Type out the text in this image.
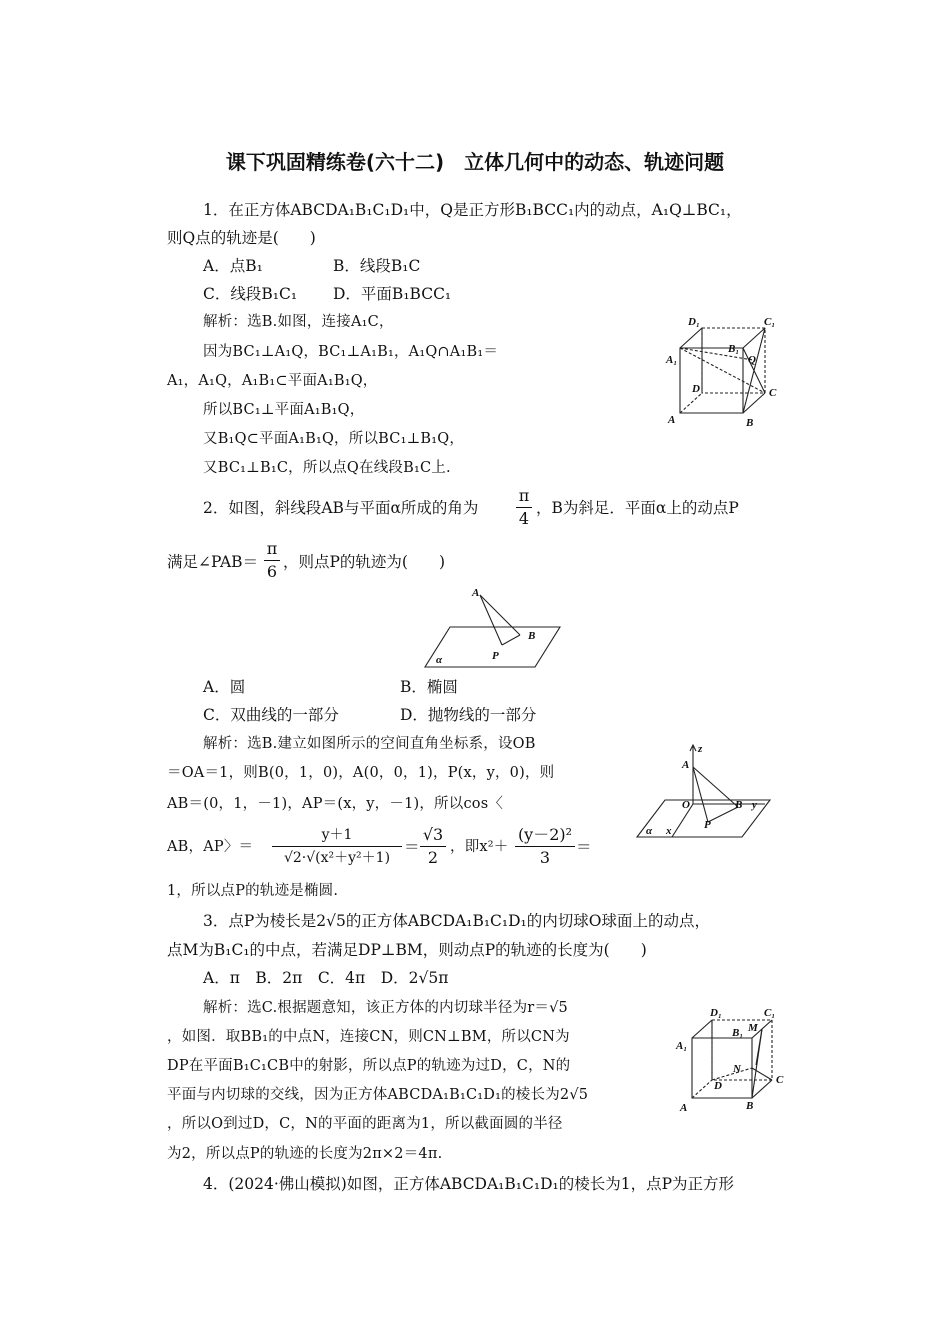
课下巩固精练卷(六十二)　立体几何中的动态、轨迹问题
1．在正方体ABCDA₁B₁C₁D₁中，Q是正方形B₁BCC₁内的动点，A₁Q⊥BC₁，
则Q点的轨迹是(　　)
A．点B₁	B．线段B₁C
C．线段B₁C₁ D．平面B₁BCC₁
解析：选B.如图，连接A₁C，
因为BC₁⊥A₁Q，BC₁⊥A₁B₁，A₁Q∩A₁B₁＝
A₁，A₁Q，A₁B₁⊂平面A₁B₁Q，
所以BC₁⊥平面A₁B₁Q，
又B₁Q⊂平面A₁B₁Q，所以BC₁⊥B₁Q，
又BC₁⊥B₁C，所以点Q在线段B₁C上.
D₁	C₁
B₁
A₁	Q
D	C
A	B
2．如图，斜线段AB与平面α所成的角为
π
4
，B为斜足．平面α上的动点P
满足∠PAB＝
π
6 ，则点P的轨迹为(　　)
A
B
P
α
A．圆	B．椭圆
C．双曲线的一部分	D．抛物线的一部分
解析：选B.建立如图所示的空间直角坐标系，设OB
＝OA＝1，则B(0，1，0)，A(0，0，1)，P(x，y，0)，则
AB＝(0，1，－1)，AP＝(x，y，－1)，所以cos〈
AB，AP〉＝
y＋1
√2·√(x²＋y²＋1)
＝
√3
2
，即x²＋
(y－2)²
3
＝
1，所以点P的轨迹是椭圆.
z
A
O	B y
P
α x
3．点P为棱长是2√5的正方体ABCDA₁B₁C₁D₁的内切球O球面上的动点，
点M为B₁C₁的中点，若满足DP⊥BM，则动点P的轨迹的长度为(　　)
A．π　B．2π　C．4π　D．2√5π
解析：选C.根据题意知，该正方体的内切球半径为r＝√5
，如图．取BB₁的中点N，连接CN，则CN⊥BM，所以CN为
DP在平面B₁C₁CB中的射影，所以点P的轨迹为过D，C，N的
平面与内切球的交线，因为正方体ABCDA₁B₁C₁D₁的棱长为2√5
，所以O到过D，C，N的平面的距离为1，所以截面圆的半径
为2，所以点P的轨迹的长度为2π×2＝4π.
D₁	C₁
B₁ M
A₁
N
D	C
A	B
4．(2024·佛山模拟)如图，正方体ABCDA₁B₁C₁D₁的棱长为1，点P为正方形
